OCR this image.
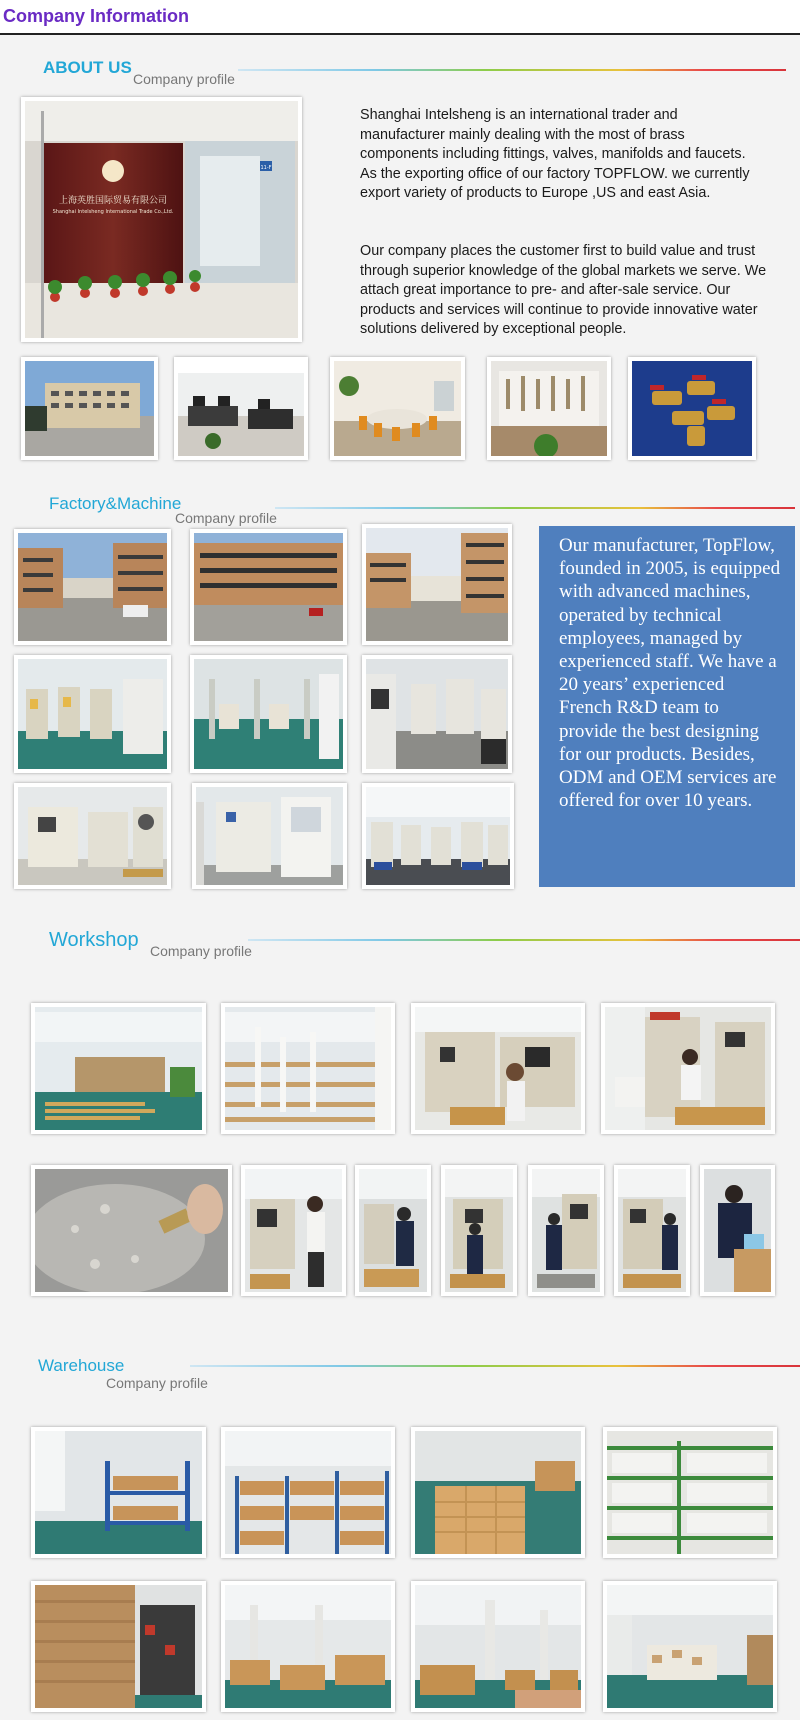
Company Information
ABOUT US
Company profile
上海英胜国际贸易有限公司
Shanghai Intelsheng International Trade Co.,Ltd.
11-F
Shanghai Intelsheng is an international trader and manufacturer mainly dealing with the most of brass components including fittings, valves, manifolds and faucets. As the exporting office of our factory TOPFLOW. we currently export variety of products to Europe ,US and east Asia.
Our company places the customer first to build value and trust through superior knowledge of the global markets we serve. We attach great importance to pre- and after-sale service. Our products and services will continue to provide innovative water solutions delivered by exceptional people.
Factory&Machine
Company profile
Our manufacturer, TopFlow, founded in 2005, is equipped with advanced machines, operated by technical employees, managed by experienced staff. We have a 20 years’ experienced French R&D team to provide the best designing for our products. Besides, ODM and OEM services are offered for over 10 years.
Workshop Company profile
Warehouse
Company profile
